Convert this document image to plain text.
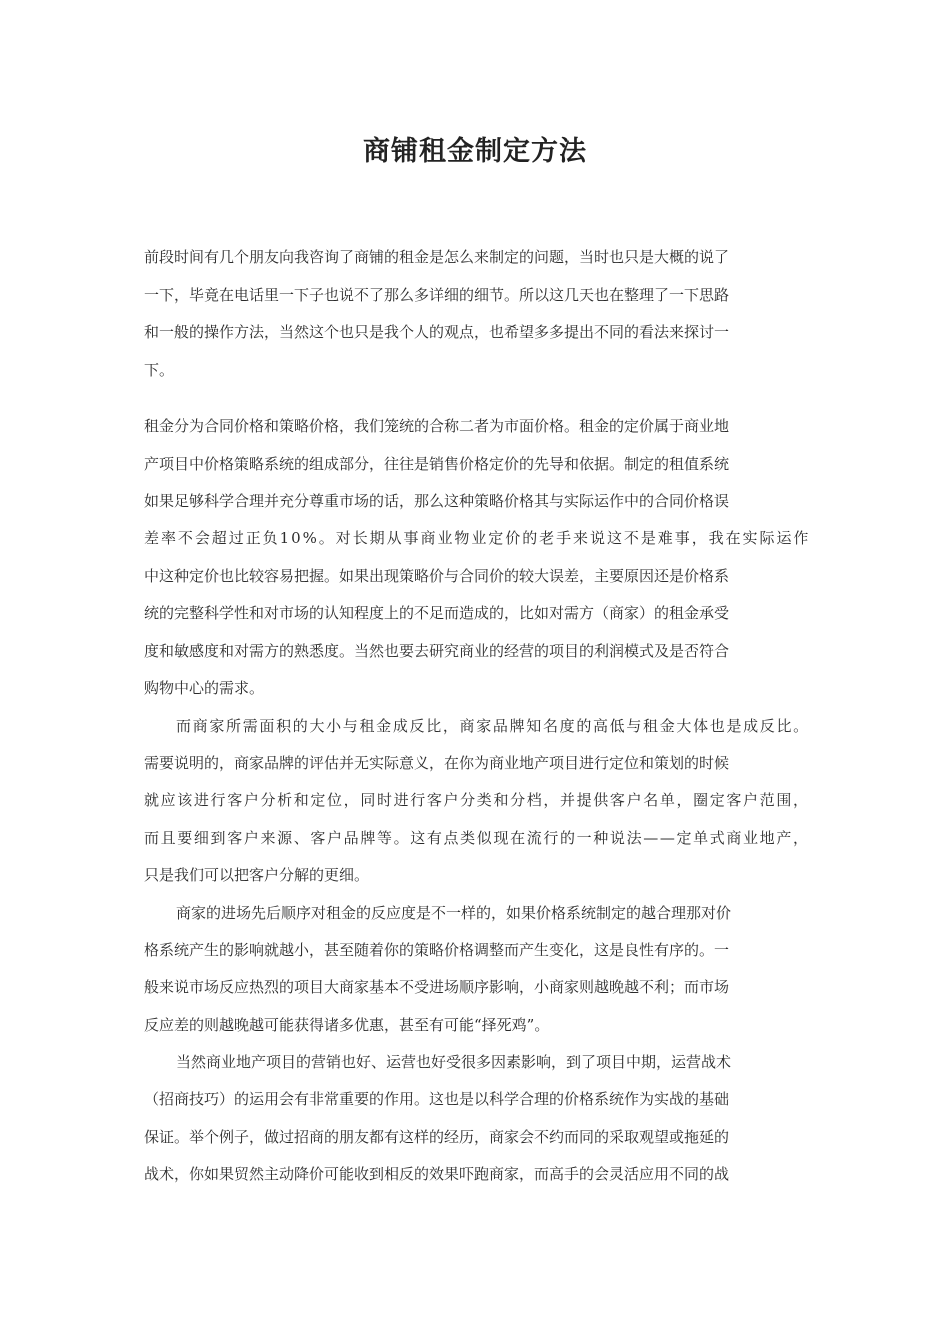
商铺租金制定方法
前段时间有几个朋友向我咨询了商铺的租金是怎么来制定的问题，当时也只是大概的说了
一下，毕竟在电话里一下子也说不了那么多详细的细节。所以这几天也在整理了一下思路
和一般的操作方法，当然这个也只是我个人的观点，也希望多多提出不同的看法来探讨一
下。
租金分为合同价格和策略价格，我们笼统的合称二者为市面价格。租金的定价属于商业地
产项目中价格策略系统的组成部分，往往是销售价格定价的先导和依据。制定的租值系统
如果足够科学合理并充分尊重市场的话，那么这种策略价格其与实际运作中的合同价格误
差率不会超过正负10%。对长期从事商业物业定价的老手来说这不是难事，我在实际运作
中这种定价也比较容易把握。如果出现策略价与合同价的较大误差，主要原因还是价格系
统的完整科学性和对市场的认知程度上的不足而造成的，比如对需方（商家）的租金承受
度和敏感度和对需方的熟悉度。当然也要去研究商业的经营的项目的利润模式及是否符合
购物中心的需求。
而商家所需面积的大小与租金成反比，商家品牌知名度的高低与租金大体也是成反比。
需要说明的，商家品牌的评估并无实际意义，在你为商业地产项目进行定位和策划的时候
就应该进行客户分析和定位，同时进行客户分类和分档，并提供客户名单，圈定客户范围，
而且要细到客户来源、客户品牌等。这有点类似现在流行的一种说法——定单式商业地产，
只是我们可以把客户分解的更细。
商家的进场先后顺序对租金的反应度是不一样的，如果价格系统制定的越合理那对价
格系统产生的影响就越小，甚至随着你的策略价格调整而产生变化，这是良性有序的。一
般来说市场反应热烈的项目大商家基本不受进场顺序影响，小商家则越晚越不利；而市场
反应差的则越晚越可能获得诸多优惠，甚至有可能“择死鸡”。
当然商业地产项目的营销也好、运营也好受很多因素影响，到了项目中期，运营战术
（招商技巧）的运用会有非常重要的作用。这也是以科学合理的价格系统作为实战的基础
保证。举个例子，做过招商的朋友都有这样的经历，商家会不约而同的采取观望或拖延的
战术，你如果贸然主动降价可能收到相反的效果吓跑商家，而高手的会灵活应用不同的战
